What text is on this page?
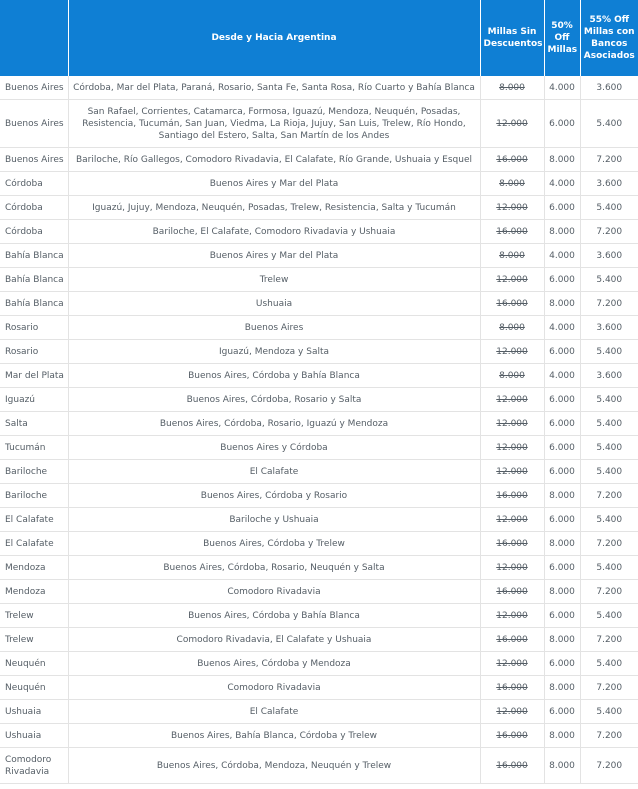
	Desde y Hacia Argentina	Millas Sin Descuentos	50% Off Millas	55% Off Millas con Bancos Asociados
Buenos Aires	Córdoba, Mar del Plata, Paraná, Rosario, Santa Fe, Santa Rosa, Río Cuarto y Bahía Blanca	8.000	4.000	3.600
Buenos Aires	San Rafael, Corrientes, Catamarca, Formosa, Iguazú, Mendoza, Neuquén, Posadas, Resistencia, Tucumán, San Juan, Viedma, La Rioja, Jujuy, San Luis, Trelew, Río Hondo, Santiago del Estero, Salta, San Martín de los Andes	12.000	6.000	5.400
Buenos Aires	Bariloche, Río Gallegos, Comodoro Rivadavia, El Calafate, Río Grande, Ushuaia y Esquel	16.000	8.000	7.200
Córdoba	Buenos Aires y Mar del Plata	8.000	4.000	3.600
Córdoba	Iguazú, Jujuy, Mendoza, Neuquén, Posadas, Trelew, Resistencia, Salta y Tucumán	12.000	6.000	5.400
Córdoba	Bariloche, El Calafate, Comodoro Rivadavia y Ushuaia	16.000	8.000	7.200
Bahía Blanca	Buenos Aires y Mar del Plata	8.000	4.000	3.600
Bahía Blanca	Trelew	12.000	6.000	5.400
Bahía Blanca	Ushuaia	16.000	8.000	7.200
Rosario	Buenos Aires	8.000	4.000	3.600
Rosario	Iguazú, Mendoza y Salta	12.000	6.000	5.400
Mar del Plata	Buenos Aires, Córdoba y Bahía Blanca	8.000	4.000	3.600
Iguazú	Buenos Aires, Córdoba, Rosario y Salta	12.000	6.000	5.400
Salta	Buenos Aires, Córdoba, Rosario, Iguazú y Mendoza	12.000	6.000	5.400
Tucumán	Buenos Aires y Córdoba	12.000	6.000	5.400
Bariloche	El Calafate	12.000	6.000	5.400
Bariloche	Buenos Aires, Córdoba y Rosario	16.000	8.000	7.200
El Calafate	Bariloche y Ushuaia	12.000	6.000	5.400
El Calafate	Buenos Aires, Córdoba y Trelew	16.000	8.000	7.200
Mendoza	Buenos Aires, Córdoba, Rosario, Neuquén y Salta	12.000	6.000	5.400
Mendoza	Comodoro Rivadavia	16.000	8.000	7.200
Trelew	Buenos Aires, Córdoba y Bahía Blanca	12.000	6.000	5.400
Trelew	Comodoro Rivadavia, El Calafate y Ushuaia	16.000	8.000	7.200
Neuquén	Buenos Aires, Córdoba y Mendoza	12.000	6.000	5.400
Neuquén	Comodoro Rivadavia	16.000	8.000	7.200
Ushuaia	El Calafate	12.000	6.000	5.400
Ushuaia	Buenos Aires, Bahía Blanca, Córdoba y Trelew	16.000	8.000	7.200
Comodoro Rivadavia	Buenos Aires, Córdoba, Mendoza, Neuquén y Trelew	16.000	8.000	7.200
